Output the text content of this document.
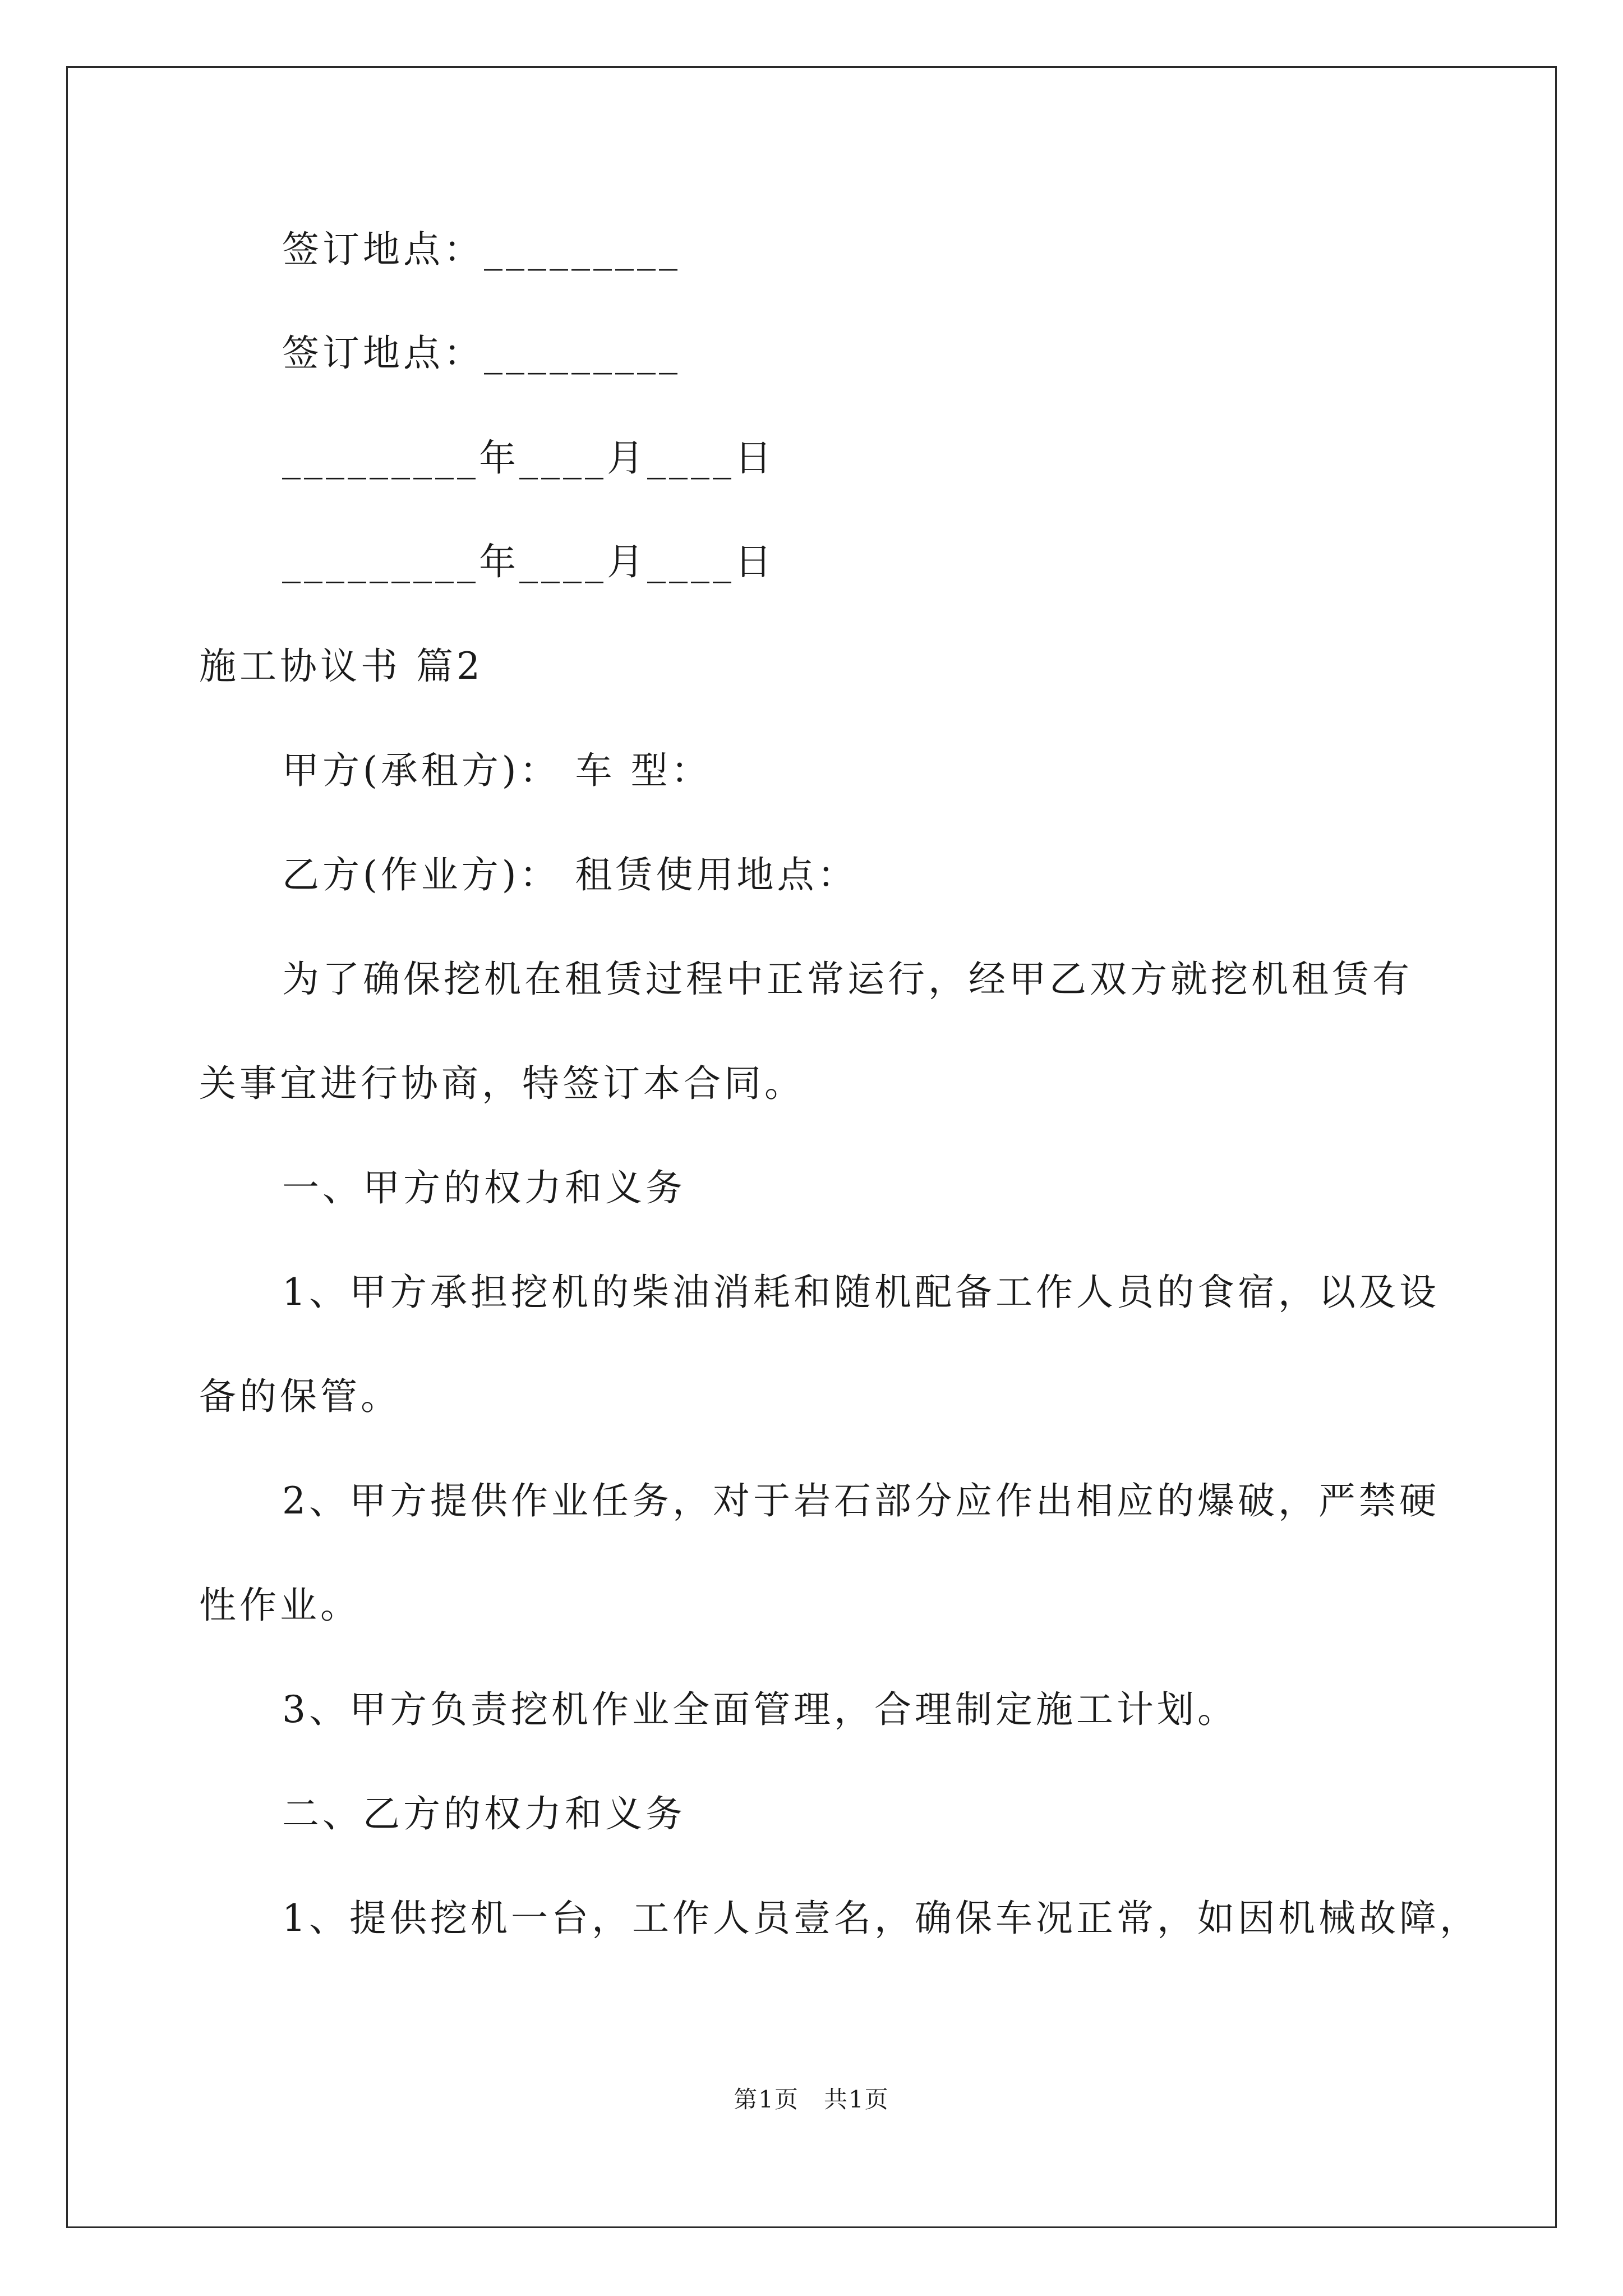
签订地点：_________
签订地点：_________
_________年____月____日
_________年____月____日
施工协议书 篇2
甲方(承租方)： 车 型：
乙方(作业方)： 租赁使用地点：
为了确保挖机在租赁过程中正常运行，经甲乙双方就挖机租赁有
关事宜进行协商，特签订本合同。
一、甲方的权力和义务
1、甲方承担挖机的柴油消耗和随机配备工作人员的食宿，以及设
备的保管。
2、甲方提供作业任务，对于岩石部分应作出相应的爆破，严禁硬
性作业。
3、甲方负责挖机作业全面管理，合理制定施工计划。
二、乙方的权力和义务
1、提供挖机一台，工作人员壹名，确保车况正常，如因机械故障，
第1页　共1页
